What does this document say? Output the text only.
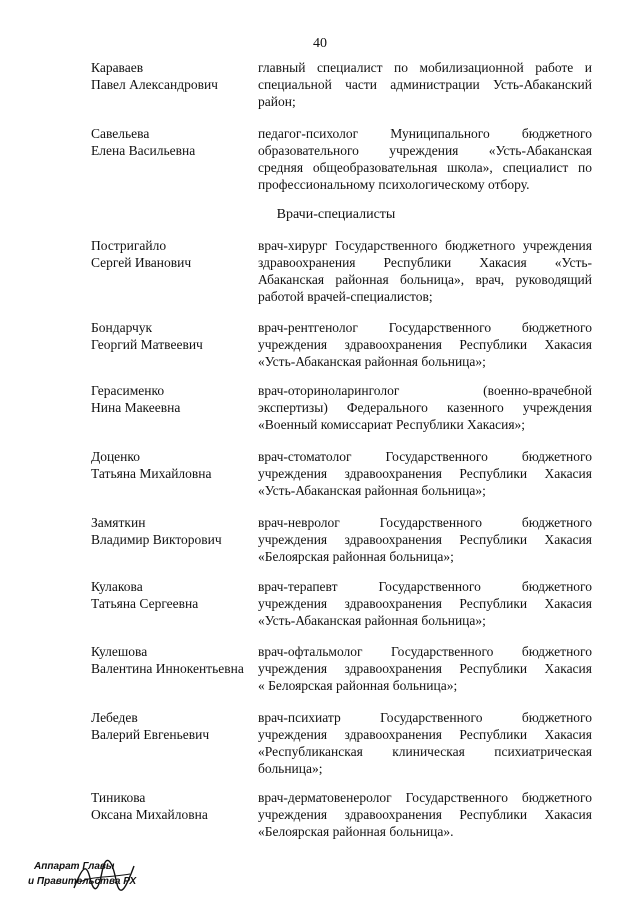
40
Караваев
Павел Александрович
главный специалист по мобилизационной работе и
специальной части администрации Усть-Абаканский
район;
Савельева
Елена Васильевна
педагог-психолог Муниципального бюджетного
образовательного учреждения «Усть-Абаканская
средняя общеобразовательная школа», специалист по
профессиональному психологическому отбору.
Врачи-специалисты
Постригайло
Сергей Иванович
врач-хирург Государственного бюджетного учреждения
здравоохранения Республики Хакасия «Усть-
Абаканская районная больница», врач, руководящий
работой врачей-специалистов;
Бондарчук
Георгий Матвеевич
врач-рентгенолог Государственного бюджетного
учреждения здравоохранения Республики Хакасия
«Усть-Абаканская районная больница»;
Герасименко
Нина Макеевна
врач-оториноларинголог (военно-врачебной
экспертизы) Федерального казенного учреждения
«Военный комиссариат Республики Хакасия»;
Доценко
Татьяна Михайловна
врач-стоматолог Государственного бюджетного
учреждения здравоохранения Республики Хакасия
«Усть-Абаканская районная больница»;
Замяткин
Владимир Викторович
врач-невролог Государственного бюджетного
учреждения здравоохранения Республики Хакасия
«Белоярская районная больница»;
Кулакова
Татьяна Сергеевна
врач-терапевт Государственного бюджетного
учреждения здравоохранения Республики Хакасия
«Усть-Абаканская районная больница»;
Кулешова
Валентина Иннокентьевна
врач-офтальмолог Государственного бюджетного
учреждения здравоохранения Республики Хакасия
« Белоярская районная больница»;
Лебедев
Валерий Евгеньевич
врач-психиатр Государственного бюджетного
учреждения здравоохранения Республики Хакасия
«Республиканская клиническая психиатрическая
больница»;
Тиникова
Оксана Михайловна
врач-дерматовенеролог Государственного бюджетного
учреждения здравоохранения Республики Хакасия
«Белоярская районная больница».
Аппарат Главы
и Правительства РХ
